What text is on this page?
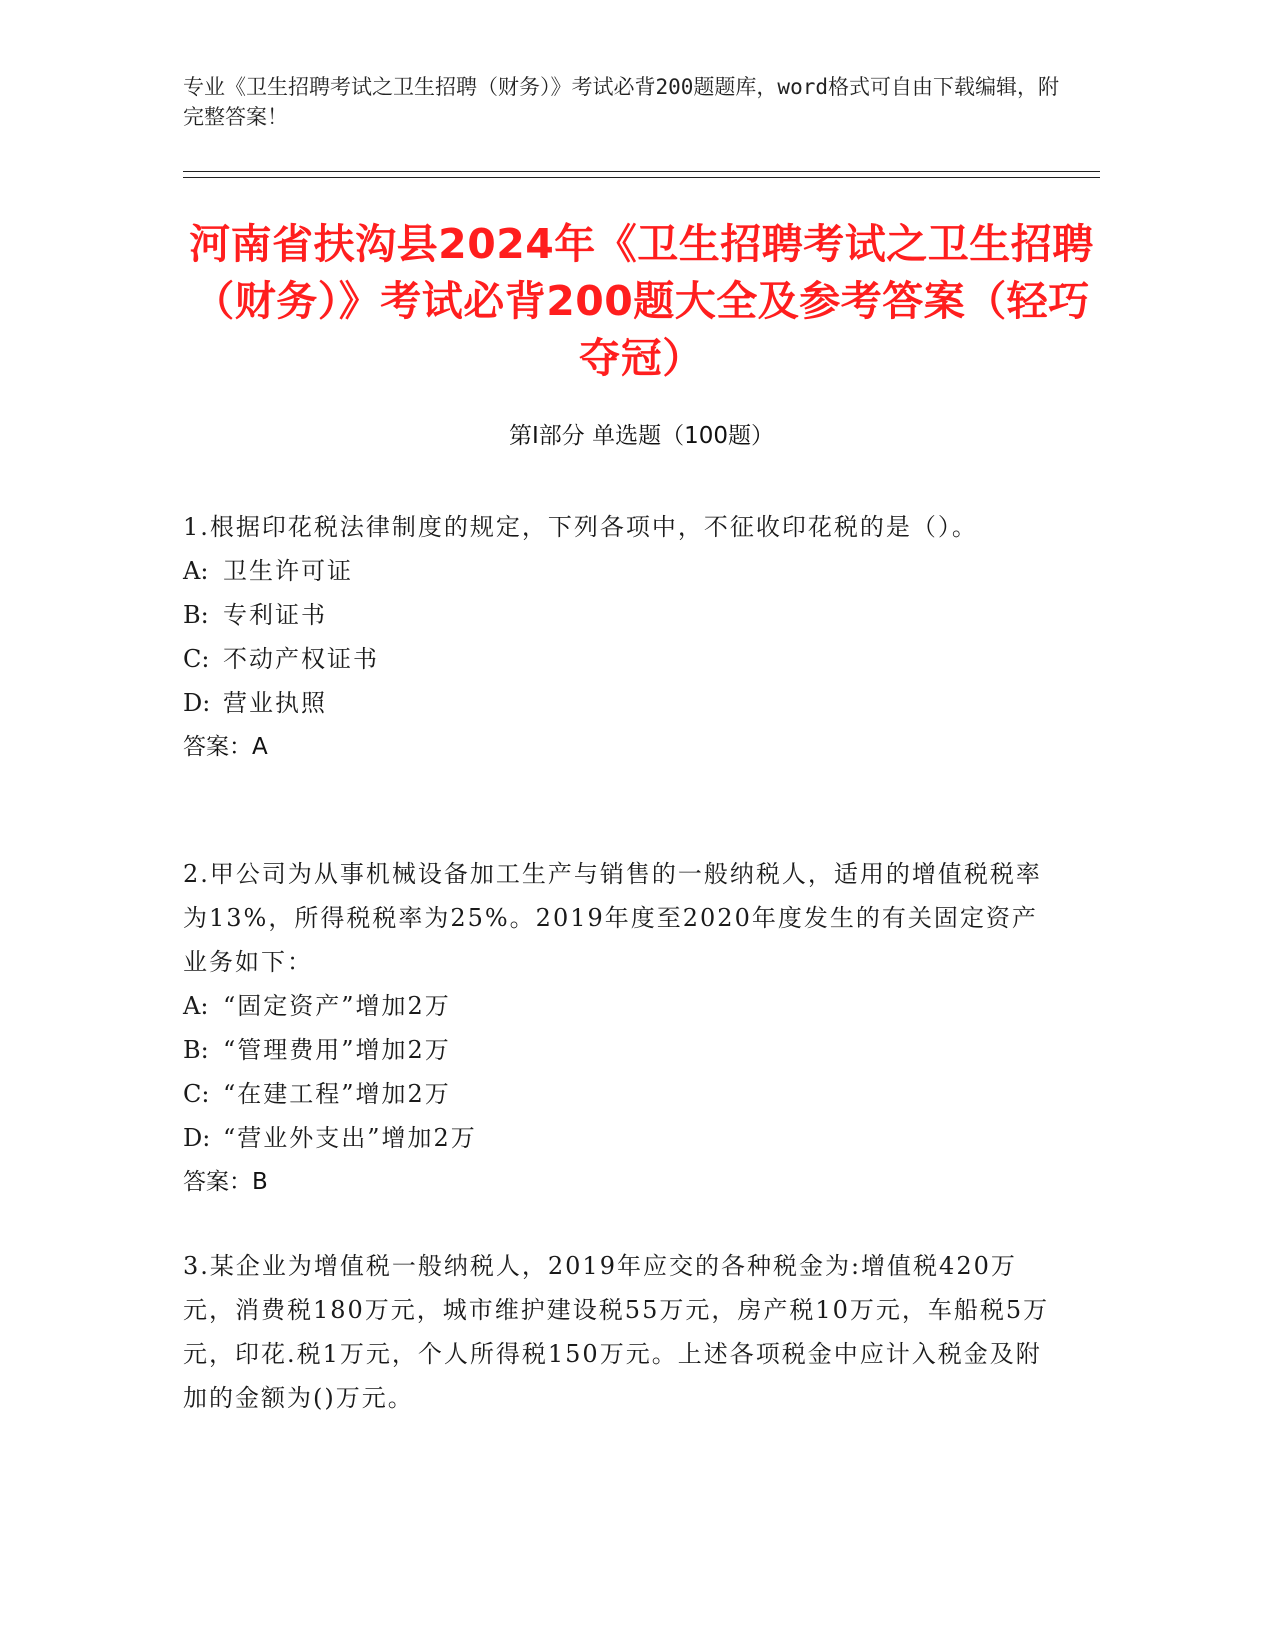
专业《卫生招聘考试之卫生招聘（财务）》考试必背200题题库，word格式可自由下载编辑，附完整答案！
河南省扶沟县2024年《卫生招聘考试之卫生招聘（财务）》考试必背200题大全及参考答案（轻巧夺冠）
第Ⅰ部分 单选题（100题）

1.根据印花税法律制度的规定，下列各项中，不征收印花税的是（）。

A: 卫生许可证

B: 专利证书

C: 不动产权证书

D: 营业执照

答案：A

2.甲公司为从事机械设备加工生产与销售的一般纳税人，适用的增值税税率为13%，所得税税率为25%。2019年度至2020年度发生的有关固定资产业务如下：

A: “固定资产”增加2万

B: “管理费用”增加2万

C: “在建工程”增加2万

D: “营业外支出”增加2万

答案：B

3.某企业为增值税一般纳税人，2019年应交的各种税金为:增值税420万元，消费税180万元，城市维护建设税55万元，房产税10万元，车船税5万元，印花.税1万元，个人所得税150万元。上述各项税金中应计入税金及附加的金额为()万元。
